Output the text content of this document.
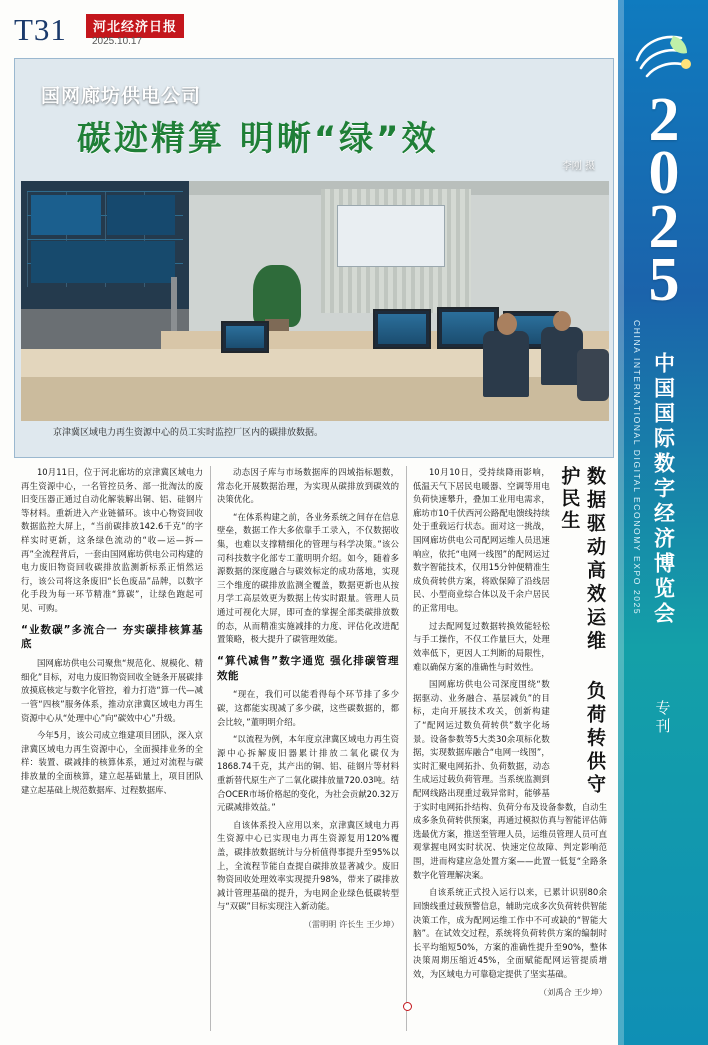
T31	河北经济日报
2025.10.17
2
0
2
5
中国国际数字经济博览会
CHINA INTERNATIONAL DIGITAL ECONOMY EXPO 2025
专刊
国网廊坊供电公司
碳迹精算 明晰“绿”效
李刚 摄
京津冀区域电力再生资源中心的员工实时监控厂区内的碳排放数据。

10月11日，位于河北廊坊的京津冀区域电力再生资源中心，一名管控员务、部一批淘汰的废旧变压器正通过自动化解装解出铜、铝、硅钢片等材料。重新进入产业链循环。该中心物资回收数据监控大屏上，“当前碳排放142.6千克”的字样实时更新，这条绿色流动的“收—运—拆—再”全流程背后，一套由国网廊坊供电公司构建的电力废旧物资回收碳排放监测新标系正悄然运行，该公司将这条废旧“长色废品”品牌，以数字化手段为每一环节精准“算碳”，让绿色跑起可见、可购。

“业数碳”多流合一 夯实碳排核算基底

国网廊坊供电公司聚焦“规范化、规模化、精细化”目标，对电力废旧物资回收全链条开展碳排放摸底核定与数字化管控，着力打造“算一代—减一管“四核”服务体系，推动京津冀区域电力再生资源中心从“处理中心”向“碳效中心”升级。

今年5月，该公司成立维建项目团队，深入京津冀区域电力再生资源中心，全面摸排业务的全样：装置、碳减排的核算体系，通过对流程与碳排放量的全面核算，建立起基础量上，项目团队建立起基础上规范数据库、过程数据库、

动态因子库与市场数据库的四域指标题数，常态化开展数据治理，为实现从碳排放到碳效的决策优化。

“在体系构建之前，各业务系统之间存在信息壁垒，数据工作大多依靠手工录入，不仅数据收集，也难以支撑精细化的管理与科学决策。”该公司科技数字化部专工董明明介绍。如今，随着多源数据的深度融合与碳效标定的成功落地，实现三个维度的碳排放监测全覆盖，数据更新也从按月学工高层效更为数据上传实时跟量。管理人员通过可视化大屏，即可查的掌握全部类碳排放数的态，从而精准实施减排的力度、评估化改进配置策略，极大提升了碳管理效能。

“算代减售”数字通览 强化排碳管理效能

“现在，我们可以能看得每个环节排了多少碳，这都能实现减了多少碳，这些碳数据的，都会比较，”董明明介绍。

“以流程为例，本年度京津冀区域电力再生资源中心拆解废旧器累计排放二氧化碳仅为1868.74千克，其产出的铜、铝、硅钢片等材料重新替代原生产了二氧化碳排放量720.03吨。结合OCER市场价格起的变化，为社会贡献20.32万元碳减排效益。”

自该体系投入应用以来，京津冀区域电力再生资源中心已实现电力再生资源复用120%覆盖，碳排放数据统计与分析值得事提升至95%以上，全流程节能自查提自碳排放显著减少。废旧物资回收处理效率实现提升98%，带来了碳排放减计管理基础的提升，为电网企业绿色低碳转型与“双碳”目标实现注入新动能。

（雷明明 许长生 王少坤）

数据驱动高效运维 负荷转供守护民生

10月10日，受持续降雨影响，低温天气下居民电暖器、空调等用电负荷快速攀升，叠加工业用电需求，廊坊市10千伏西河公路配电馈线持续处于重载运行状态。面对这一挑战，国网廊坊供电公司配网运维人员迅速响应，依托“电网一线图”的配网运过数字智能技术，仅用15分钟便精准生成负荷转供方案，将欧保障了沿线居民、小型商业综合体以及千余户居民的正常用电。

过去配网复过数据转换效能轻松与手工操作，不仅工作量巨大，处理效率低下，更因人工判断的局限性，难以确保方案的准确性与时效性。

国网廊坊供电公司深度围绕“数据驱动、业务融合、基层减负”的目标，走向开展技术攻关，创新构建了“配网运过数负荷转供”数字化场景。设备参数等5大类30余项标化数据，实现数据库融合“电网一线图”，实时汇聚电网拓扑、负荷数据，动态生成运过载负荷管理。当系统监测到配网线路出现重过载异常时，能够基于实时电网拓扑结构、负荷分布及设备参数，自动生成多条负荷转供预案，再通过模拟仿真与智能评估筛选最优方案，推送至管理人员，运维员管理人员可直观掌握电网实时状况、快速定位故障、判定影响范围，进而构建应急处置方案——此置一低复“全路条数字化管理解决案。

自该系统正式投入运行以来，已累计识别80余回馈线重过载预警信息，辅助完成多次负荷转供智能决策工作，成为配网运维工作中不可或缺的“智能大脑”。在试效交过程，系统将负荷转供方案的编制时长平均缩短50%，方案的准确性提升至90%，整体决策周期压缩近45%，全面赋能配网运管提质增效，为区域电力可靠稳定提供了坚实基础。

（刘禹合 王少坤）
